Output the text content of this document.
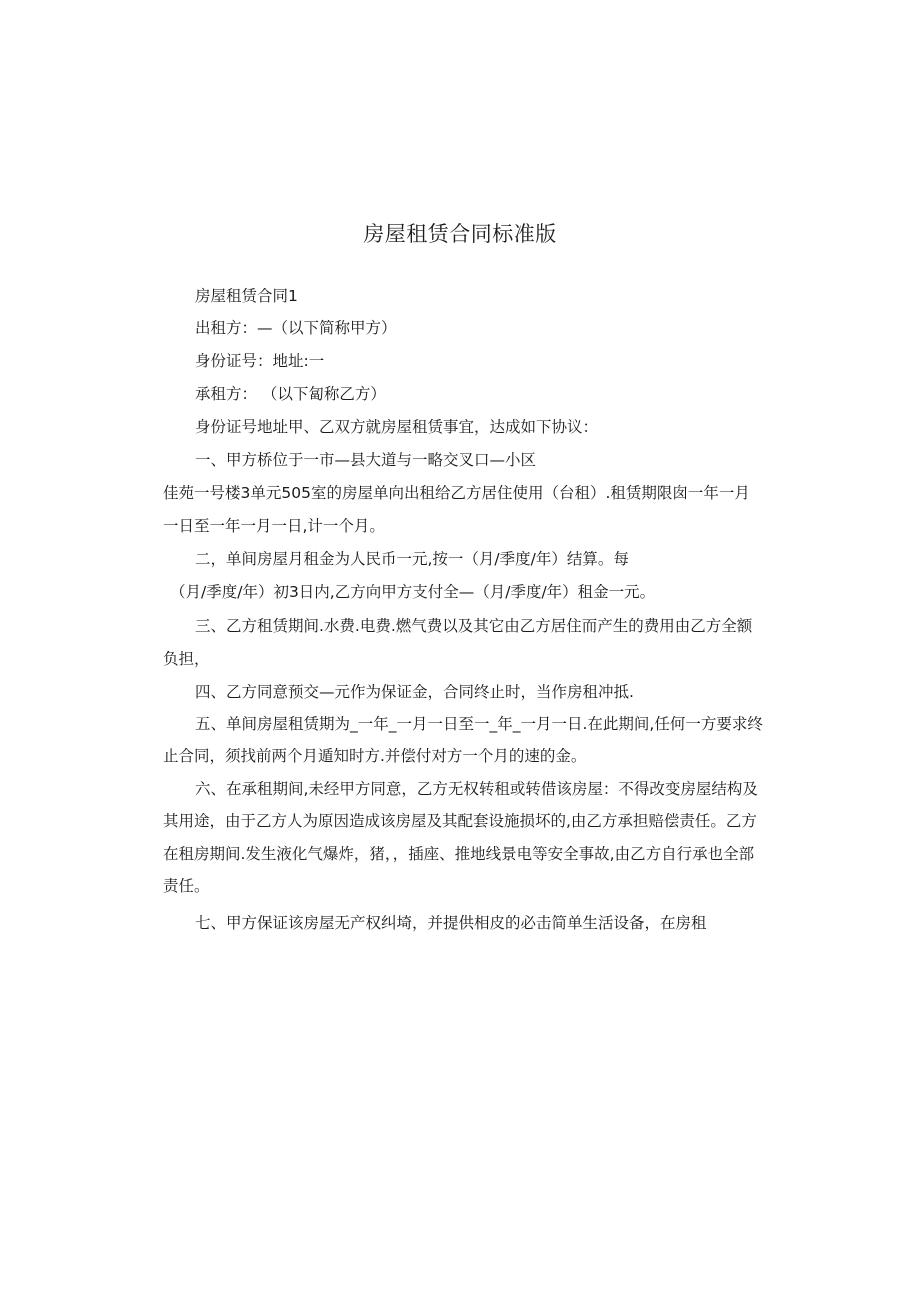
房屋租赁合同标准版
房屋租赁合同1
出租方：—（以下简称甲方）
身份证号：地址:一
承租方： （以下匐称乙方）
身份证号地址甲、乙双方就房屋租赁事宜，达成如下协议：
一、甲方桥位于一市—县大道与一略交叉口—小区
佳苑一号楼3单元505室的房屋单向出租给乙方居住使用（台租）.租赁期限囱一年一月
一日至一年一月一日,计一个月。
二，单间房屋月租金为人民币一元,按一（月/季度/年）结算。每
（月/季度/年）初3日内,乙方向甲方支付全—（月/季度/年）租金一元。
三、乙方租赁期间.水费.电费.燃气费以及其它由乙方居住而产生的费用由乙方全额
负担，
四、乙方同意预交—元作为保证金，合同终止时，当作房租冲抵.
五、单间房屋租赁期为_一年_一月一日至一_年_一月一日.在此期间,任何一方要求终
止合同，须找前两个月遁知时方.并偿付对方一个月的速的金。
六、在承租期间,未经甲方同意，乙方无权转租或转借该房屋：不得改变房屋结构及
其用途，由于乙方人为原因造成该房屋及其配套设施损坏的,由乙方承担赔偿责任。乙方
在租房期间.发生液化气爆炸，猪，，插座、推地线景电等安全事故,由乙方自行承也全部
责任。
七、甲方保证该房屋无产权纠埼，并提供相皮的必击简单生活设备，在房租
